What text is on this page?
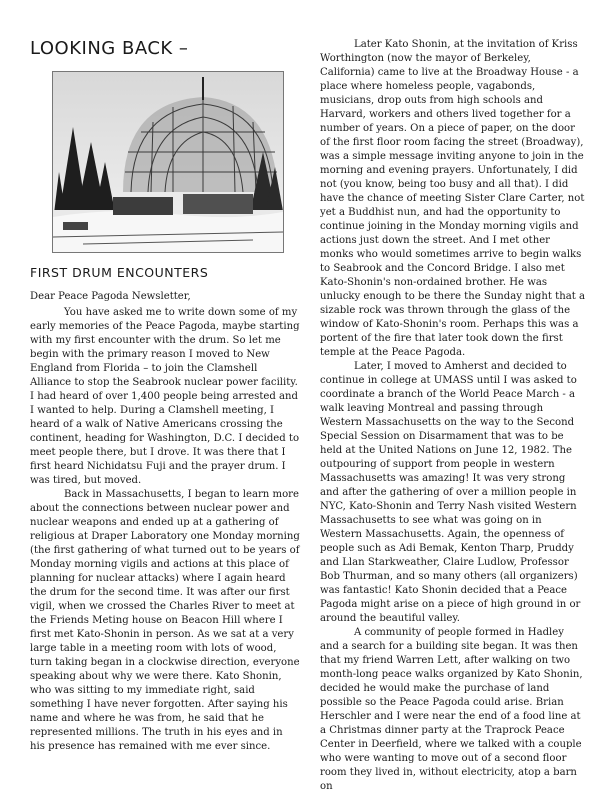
LOOKING BACK –
FIRST DRUM ENCOUNTERS

Dear Peace Pagoda Newsletter,

You have asked me to write down some of my early memories of the Peace Pagoda, maybe starting with my first encounter with the drum. So let me begin with the primary reason I moved to New England from Florida – to join the Clamshell Alliance to stop the Seabrook nuclear power facility. I had heard of over 1,400 people being arrested and I wanted to help. During a Clamshell meeting, I heard of a walk of Native Americans crossing the continent, heading for Washington, D.C. I decided to meet people there, but I drove. It was there that I first heard Nichidatsu Fuji and the prayer drum. I was tired, but moved.

Back in Massachusetts, I began to learn more about the connections between nuclear power and nuclear weapons and ended up at a gathering of religious at Draper Laboratory one Monday morning (the first gathering of what turned out to be years of Monday morning vigils and actions at this place of planning for nuclear attacks) where I again heard the drum for the second time. It was after our first vigil, when we crossed the Charles River to meet at the Friends Meting house on Beacon Hill where I first met Kato-Shonin in person. As we sat at a very large table in a meeting room with lots of wood, turn taking began in a clockwise direction, everyone speaking about why we were there. Kato Shonin, who was sitting to my immediate right, said something I have never forgotten. After saying his name and where he was from, he said that he represented millions. The truth in his eyes and in his presence has remained with me ever since.

Later Kato Shonin, at the invitation of Kriss Worthington (now the mayor of Berkeley, California) came to live at the Broadway House - a place where homeless people, vagabonds, musicians, drop outs from high schools and Harvard, workers and others lived together for a number of years. On a piece of paper, on the door of the first floor room facing the street (Broadway), was a simple message inviting anyone to join in the morning and evening prayers. Unfortunately, I did not (you know, being too busy and all that). I did have the chance of meeting Sister Clare Carter, not yet a Buddhist nun, and had the opportunity to continue joining in the Monday morning vigils and actions just down the street. And I met other monks who would sometimes arrive to begin walks to Seabrook and the Concord Bridge. I also met Kato-Shonin's non-ordained brother. He was unlucky enough to be there the Sunday night that a sizable rock was thrown through the glass of the window of Kato-Shonin's room. Perhaps this was a portent of the fire that later took down the first temple at the Peace Pagoda.

Later, I moved to Amherst and decided to continue in college at UMASS until I was asked to coordinate a branch of the World Peace March - a walk leaving Montreal and passing through Western Massachusetts on the way to the Second Special Session on Disarmament that was to be held at the United Nations on June 12, 1982. The outpouring of support from people in western Massachusetts was amazing! It was very strong and after the gathering of over a million people in NYC, Kato-Shonin and Terry Nash visited Western Massachusetts to see what was going on in Western Massachusetts. Again, the openness of people such as Adi Bemak, Kenton Tharp, Pruddy and Llan Starkweather, Claire Ludlow, Professor Bob Thurman, and so many others (all organizers) was fantastic! Kato Shonin decided that a Peace Pagoda might arise on a piece of high ground in or around the beautiful valley.

A community of people formed in Hadley and a search for a building site began. It was then that my friend Warren Lett, after walking on two month-long peace walks organized by Kato Shonin, decided he would make the purchase of land possible so the Peace Pagoda could arise. Brian Herschler and I were near the end of a food line at a Christmas dinner party at the Traprock Peace Center in Deerfield, where we talked with a couple who were wanting to move out of a second floor room they lived in, without electricity, atop a barn on
